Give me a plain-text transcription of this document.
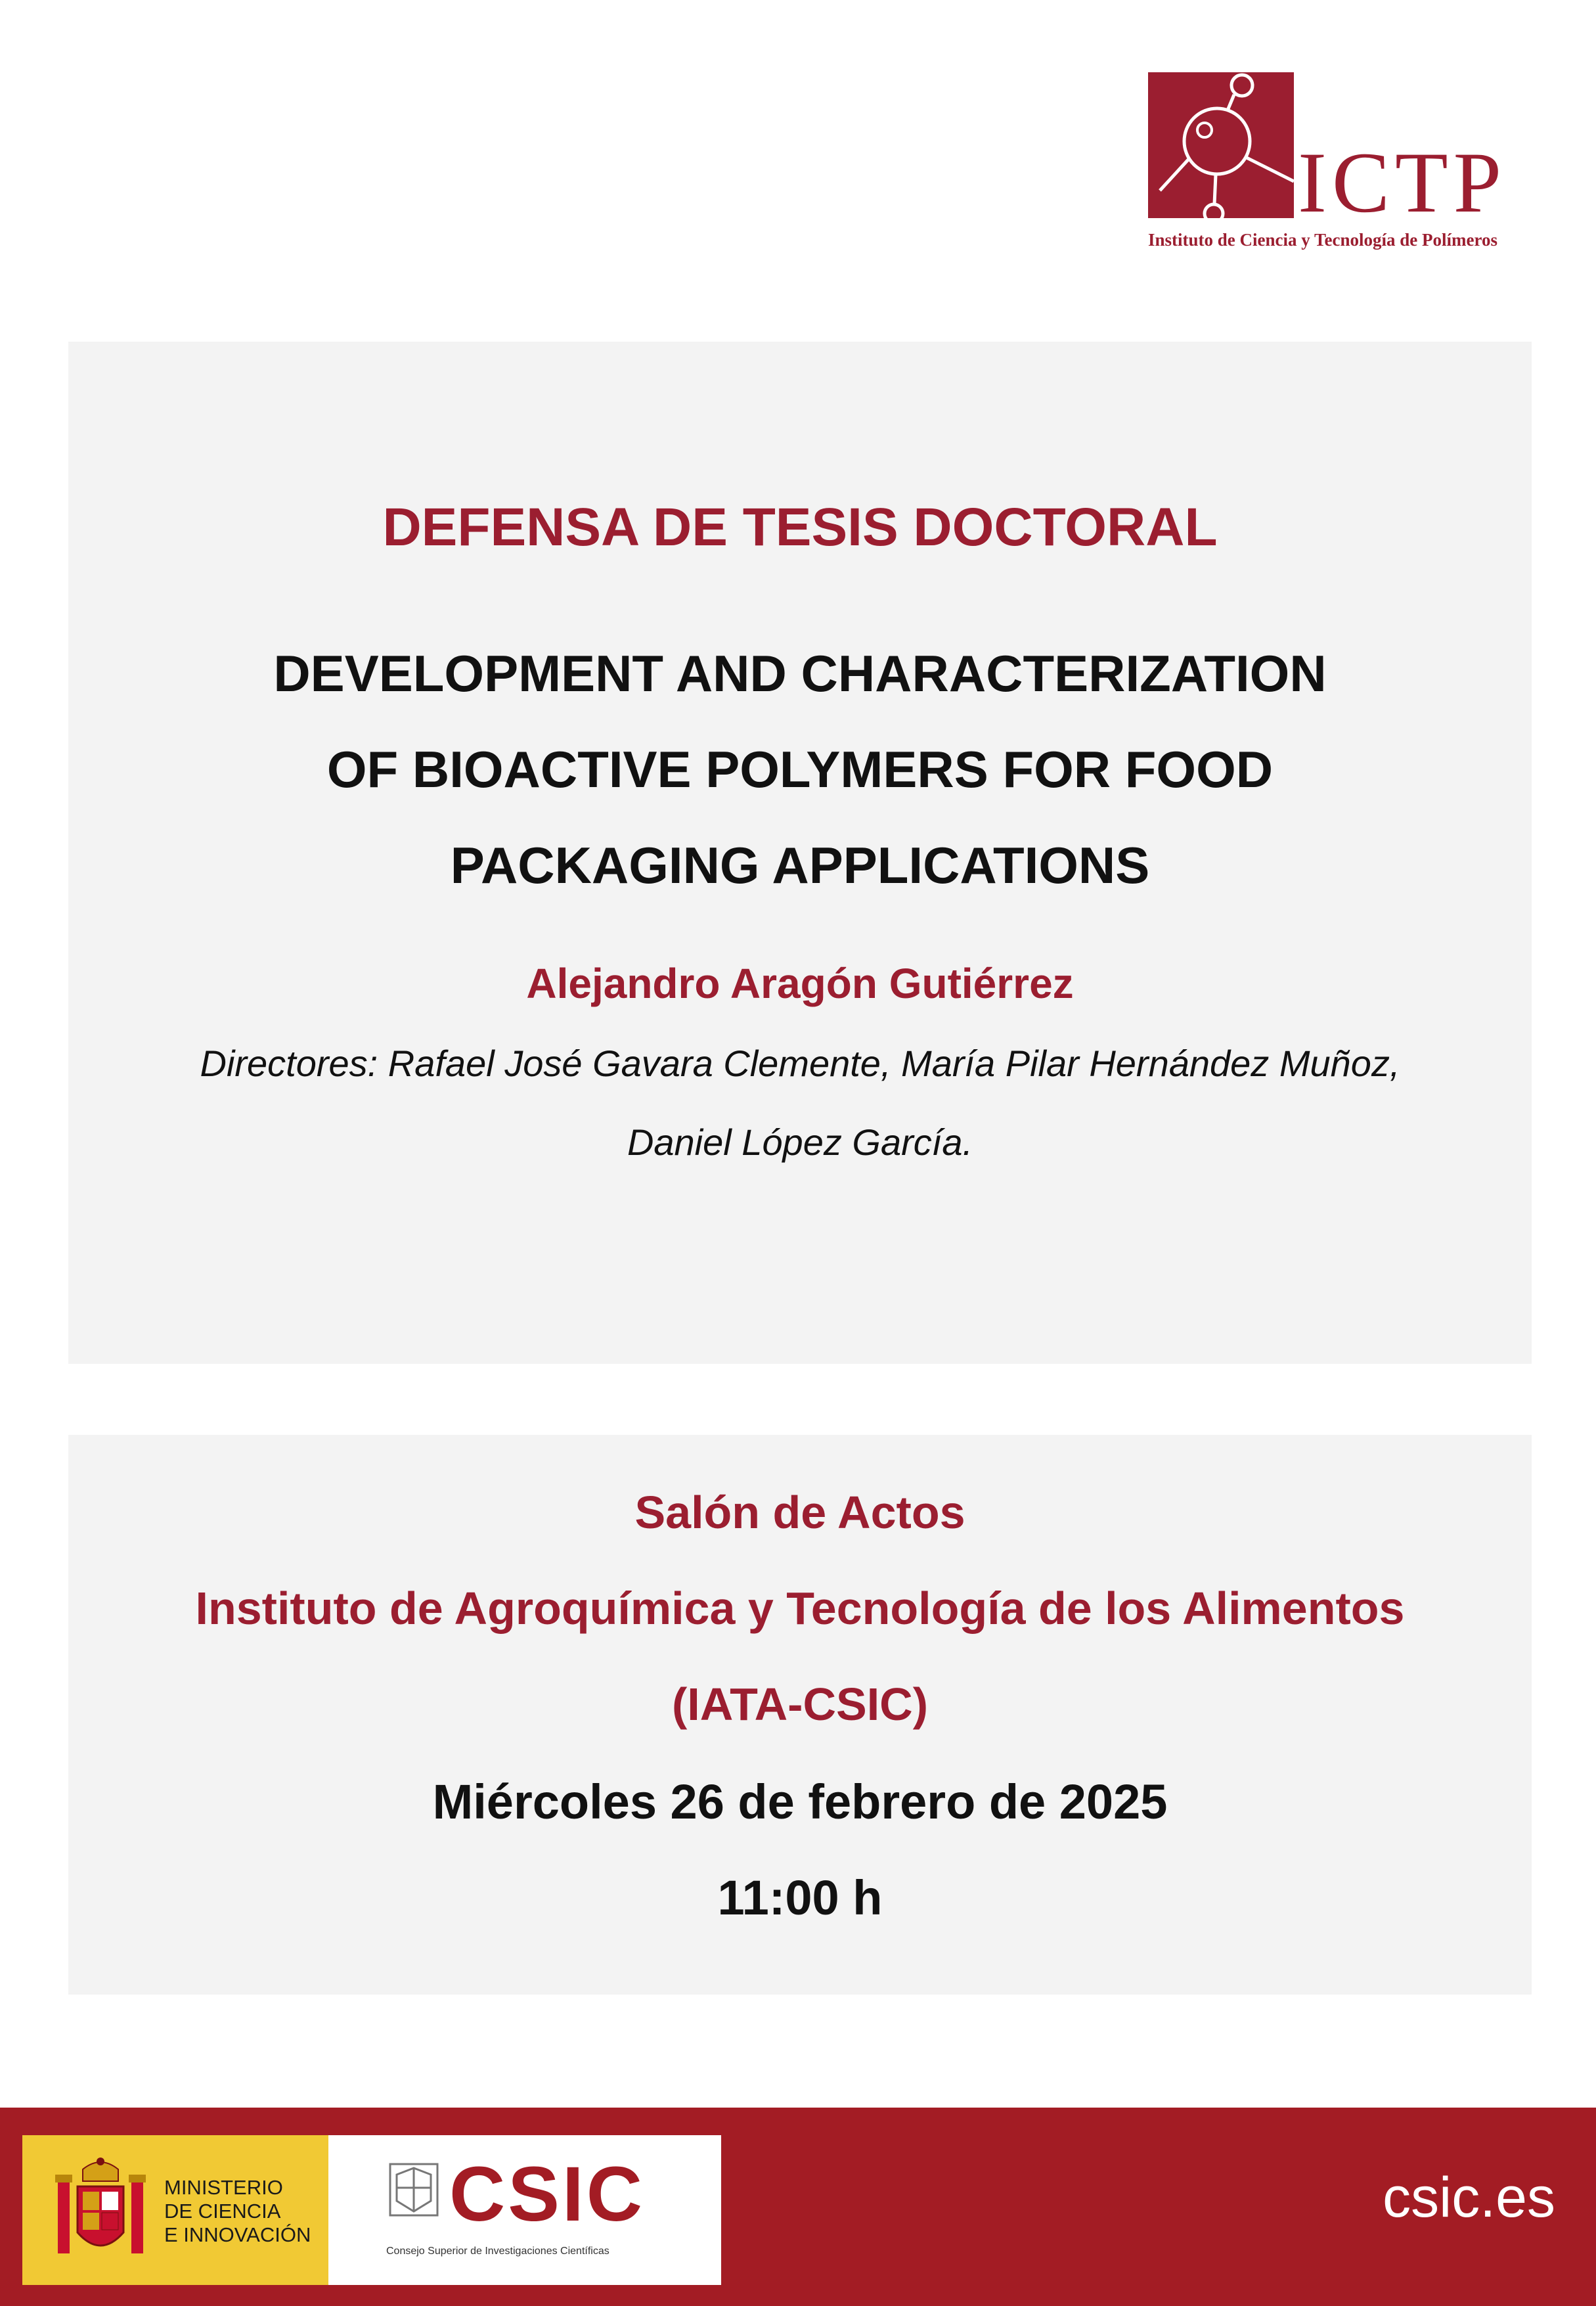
ICTP
Instituto de Ciencia y Tecnología de Polímeros
DEFENSA DE TESIS DOCTORAL
DEVELOPMENT AND CHARACTERIZATION
OF BIOACTIVE POLYMERS FOR FOOD
PACKAGING APPLICATIONS
Alejandro Aragón Gutiérrez
Directores: Rafael José Gavara Clemente, María Pilar Hernández Muñoz,
Daniel López García.
Salón de Actos
Instituto de Agroquímica y Tecnología de los Alimentos
(IATA-CSIC)
Miércoles 26 de febrero de 2025
11:00 h
MINISTERIO
DE CIENCIA
E INNOVACIÓN CSIC
Consejo Superior de Investigaciones Científicas
csic.es
